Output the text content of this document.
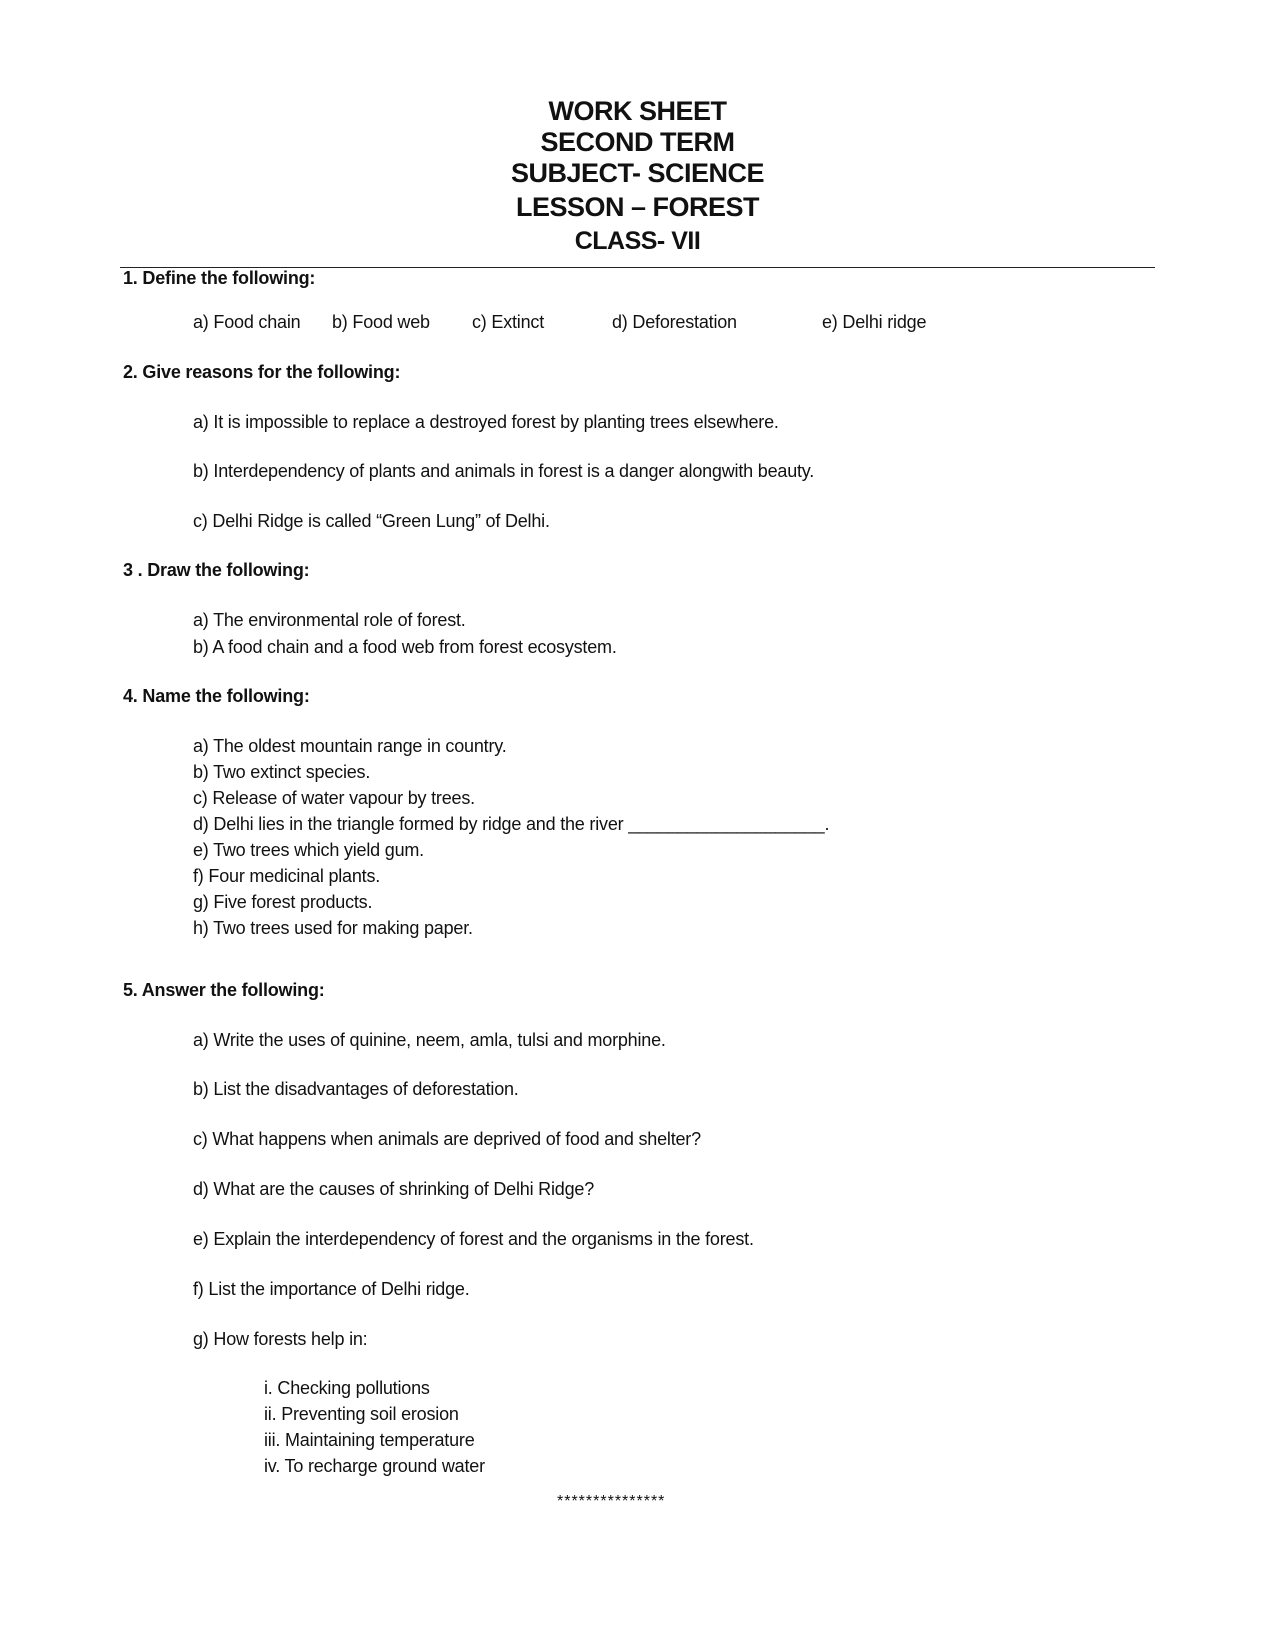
WORK SHEET
SECOND TERM
SUBJECT- SCIENCE
LESSON – FOREST
CLASS- VII
1. Define the following:
a) Food chain b) Food web c) Extinct	d) Deforestation	e) Delhi ridge
2. Give reasons for the following:
a) It is impossible to replace a destroyed forest by planting trees elsewhere.
b) Interdependency of plants and animals in forest is a danger alongwith beauty.
c) Delhi Ridge is called “Green Lung” of Delhi.
3 . Draw the following:
a) The environmental role of forest.
b) A food chain and a food web from forest ecosystem.
4. Name the following:
a) The oldest mountain range in country.
b) Two extinct species.
c) Release of water vapour by trees.
d) Delhi lies in the triangle formed by ridge and the river ____________________.
e) Two trees which yield gum.
f) Four medicinal plants.
g) Five forest products.
h) Two trees used for making paper.
5. Answer the following:
a) Write the uses of quinine, neem, amla, tulsi and morphine.
b) List the disadvantages of deforestation.
c) What happens when animals are deprived of food and shelter?
d) What are the causes of shrinking of Delhi Ridge?
e) Explain the interdependency of forest and the organisms in the forest.
f) List the importance of Delhi ridge.
g) How forests help in:
i. Checking pollutions
ii. Preventing soil erosion
iii. Maintaining temperature
iv. To recharge ground water
***************
